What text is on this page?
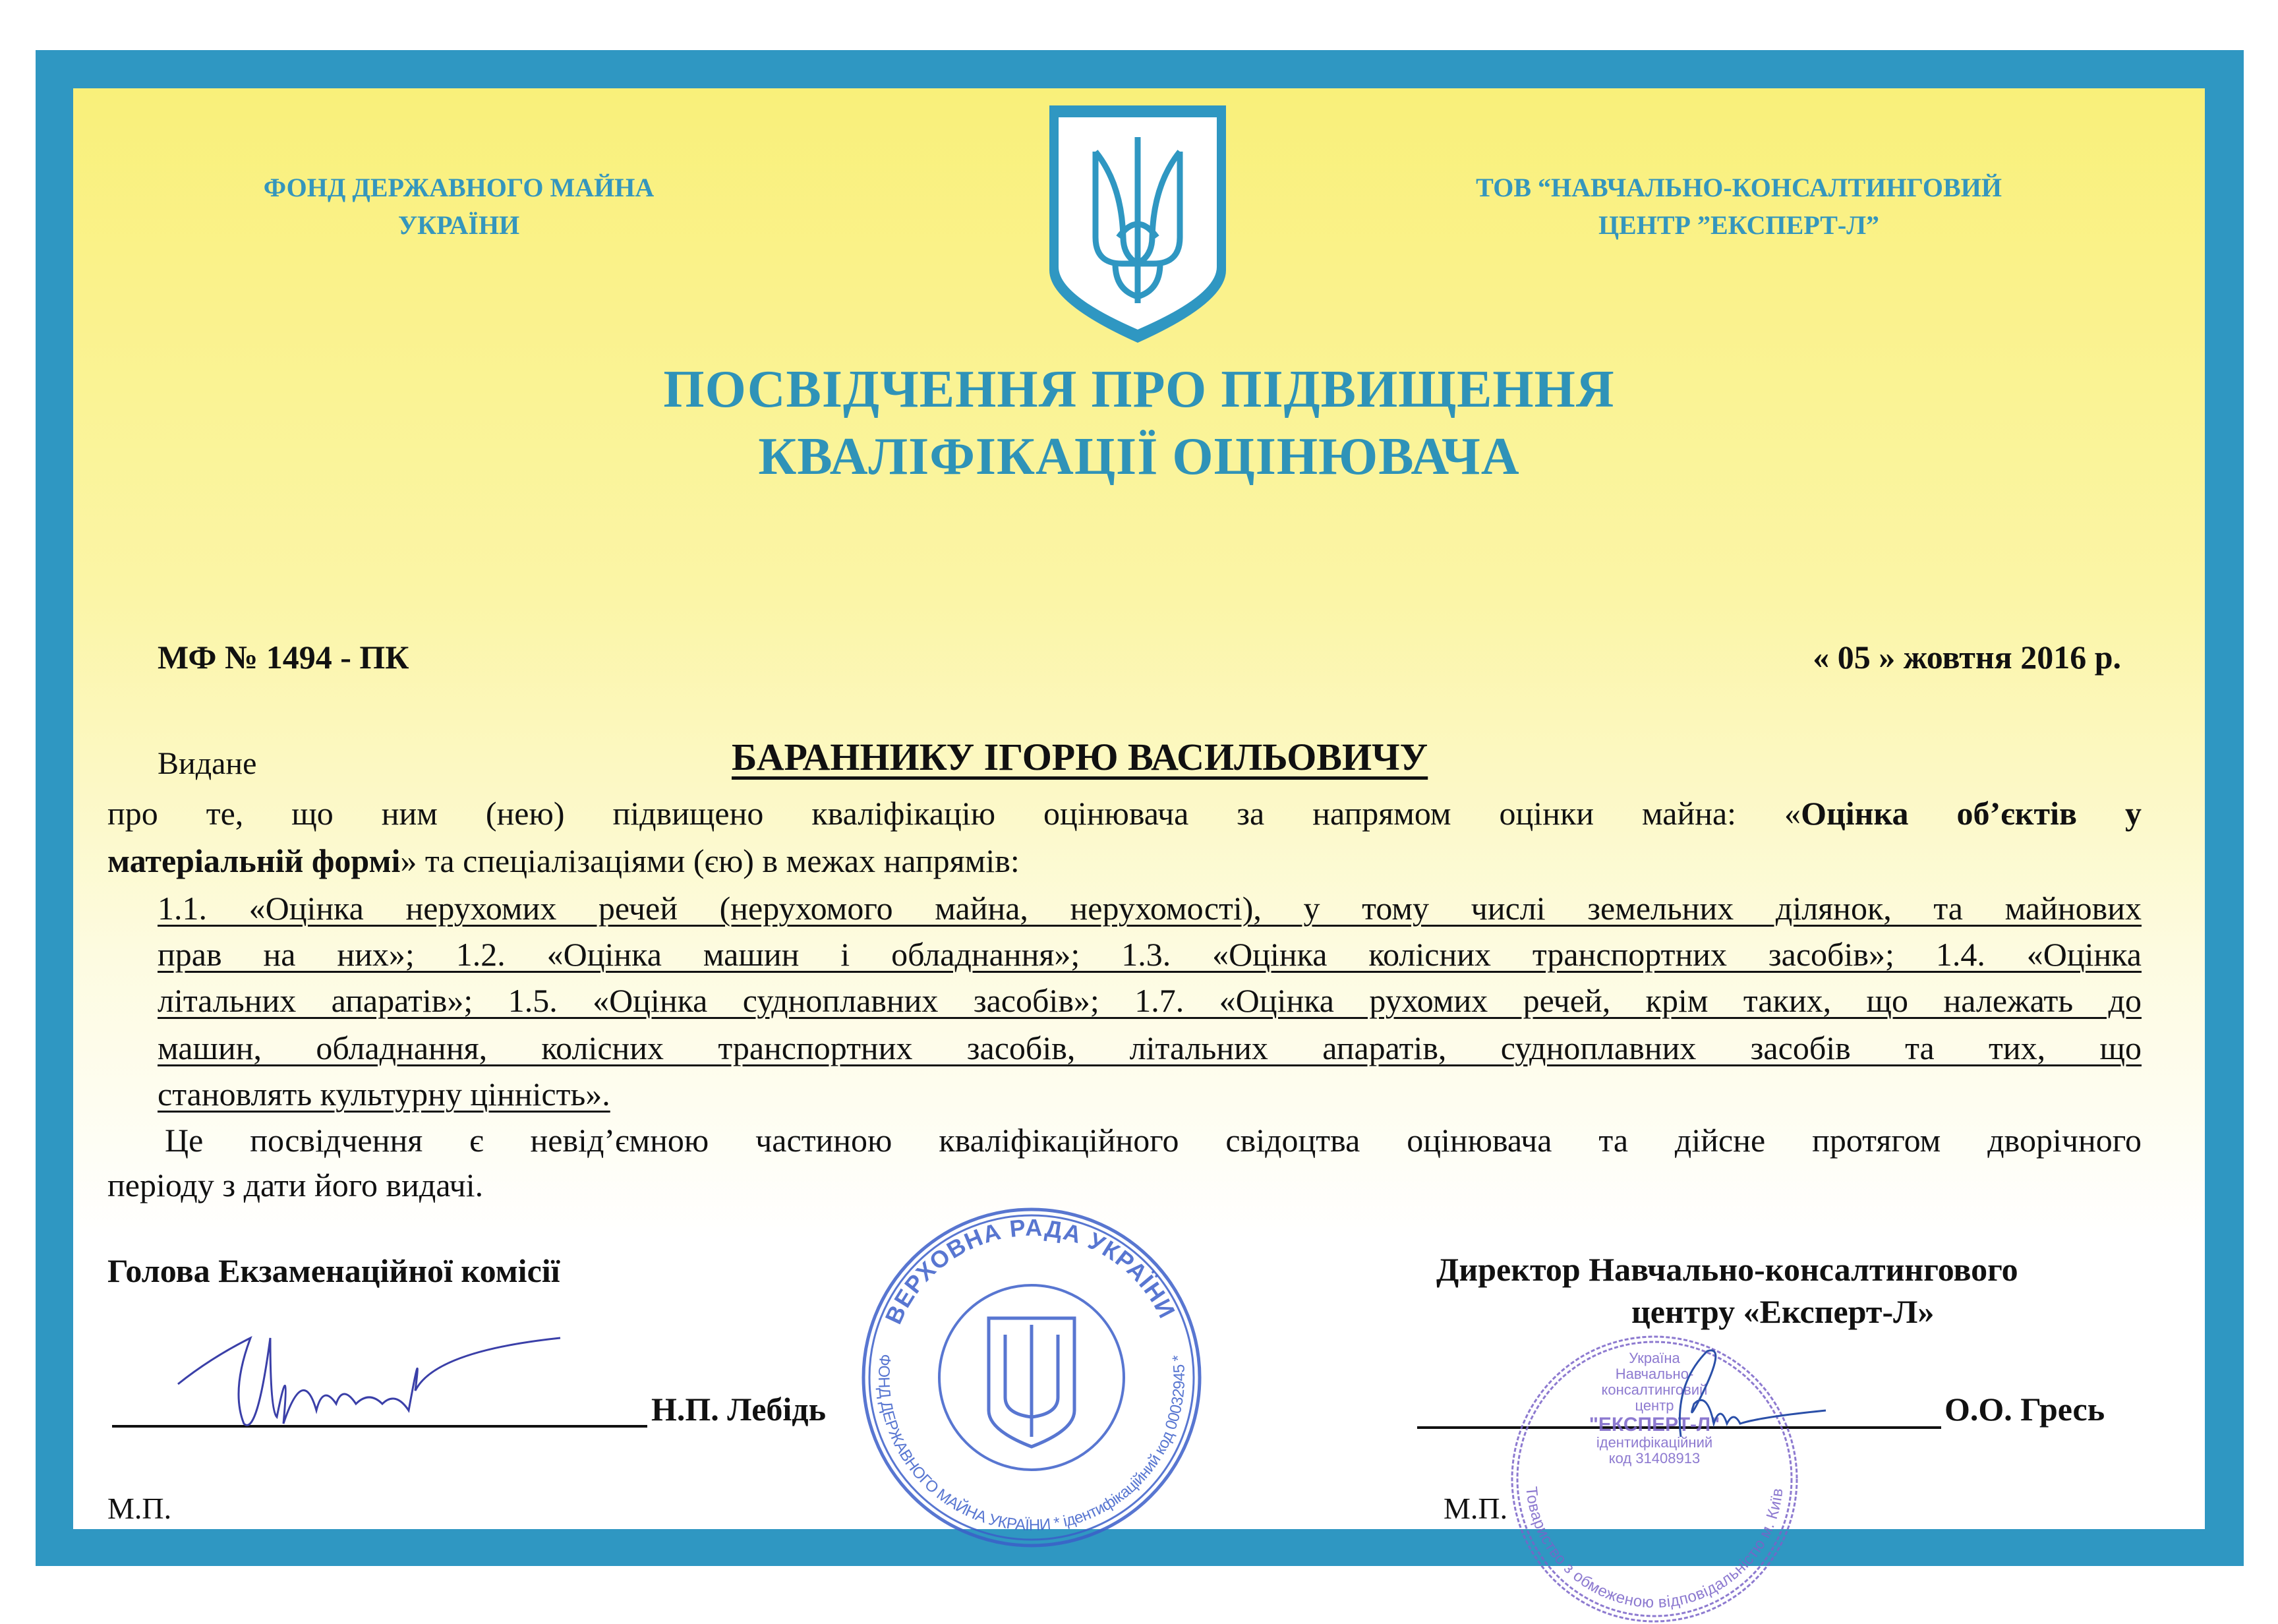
ФОНД ДЕРЖАВНОГО МАЙНА
УКРАЇНИ
ТОВ “НАВЧАЛЬНО-КОНСАЛТИНГОВИЙ
ЦЕНТР ”ЕКСПЕРТ-Л”
ПОСВІДЧЕННЯ ПРО ПІДВИЩЕННЯ
КВАЛІФІКАЦІЇ ОЦІНЮВАЧА
МФ № 1494 - ПК	« 05 » жовтня 2016 р.
Видане	БАРАННИКУ ІГОРЮ ВАСИЛЬОВИЧУ
про те, що ним (нею) підвищено кваліфікацію оцінювача за напрямом оцінки майна: «Оцінка об’єктів у
матеріальній формі» та спеціалізаціями (єю) в межах напрямів:
1.1. «Оцінка нерухомих речей (нерухомого майна, нерухомості), у тому числі земельних ділянок, та майнових
прав на них»; 1.2. «Оцінка машин і обладнання»; 1.3. «Оцінка колісних транспортних засобів»; 1.4. «Оцінка
літальних апаратів»; 1.5. «Оцінка судноплавних засобів»; 1.7. «Оцінка рухомих речей, крім таких, що належать до
машин, обладнання, колісних транспортних засобів, літальних апаратів, судноплавних засобів та тих, що
становлять культурну цінність».
Це посвідчення є невід’ємною частиною кваліфікаційного свідоцтва оцінювача та дійсне протягом дворічного
періоду з дати його видачі.
Голова Екзаменаційної комісії
Н.П. Лебідь
М.П.
Директор Навчально-консалтингового
центру «Експерт-Л»
О.О. Гресь
М.П.
ВЕРХОВНА РАДА УКРАЇНИ
ФОНД ДЕРЖАВНОГО МАЙНА УКРАЇНИ * ідентифікаційний код 00032945 *
Товариство з обмеженою відповідальністю м. Київ
Україна
Навчально-
консалтинговий
центр
"ЕКСПЕРТ-Л"
ідентифікаційний
код 31408913
